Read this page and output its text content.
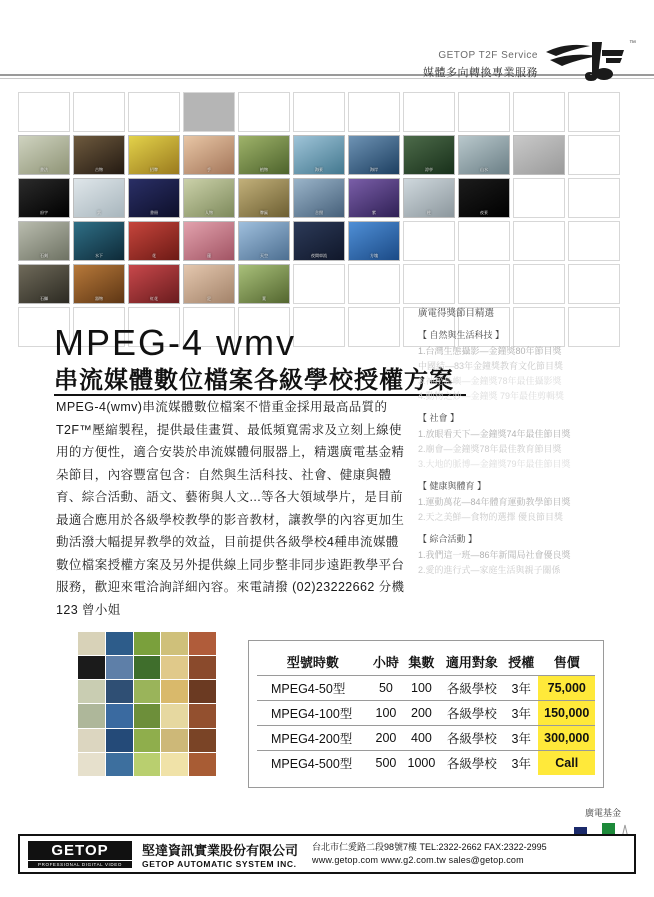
GETOP T2F Service
媒體多向轉換專業服務
™
書法	古物	招牌	手	植物	海景	海岸	涼亭	山水
府字	雲	書冊	人物	牌匾	合照	紫	柱	夜景
石刻	水下	花	蓮	天空	夜間車流	方塊
石獅	器物	紅花	足	葉
MPEG-4 wmv
串流媒體數位檔案各級學校授權方案

MPEG-4(wmv)串流媒體數位檔案不惜重金採用最高品質的T2F™壓縮製程，提供最佳畫質、最低頻寬需求及立刻上線使用的方便性，適合安裝於串流媒體伺服器上，精選廣電基金精朵節目，內容豐富包含：自然與生活科技、社會、健康與體育、綜合活動、語文、藝術與人文...等各大領域學片，是目前最適合應用於各級學校教學的影音教材，讓教學的內容更加生動活潑大幅提昇教學的效益，目前提供各級學校4種串流媒體數位檔案授權方案及另外提供線上同步整非同步遠距教學平台服務，歡迎來電洽詢詳細內容。來電請撥 (02)23222662 分機 123 曾小姐

廣電得獎節目精選
【 自然與生活科技 】
1.台灣生態攝影—金鐘獎80年節目獎
中國結—83年金鐘獎教育文化節目獎
3.神秘島嶼—金鐘獎78年最佳攝影獎
4.動物之妙—金鐘獎 79年最佳剪輯獎
【 社會 】
1.放眼看天下—金鐘獎74年最佳節目獎
2.廟會—金鐘獎78年最佳教育節目獎
3.大地的脈博—金鐘獎79年最佳節目獎
【 健康與體育 】
1.運動萬花—84年體育運動教學節目獎
2.天之美鮮—食物的選擇 優良節目獎
【 綜合活動 】
1.我們這一班—86年新聞局社會優良獎
2.愛的進行式—家庭生活與親子關係
型號時數	小時	集數	適用對象	授權	售價
MPEG4-50型	50	100	各級學校	3年	75,000
MPEG4-100型	100	200	各級學校	3年	150,000
MPEG4-200型	200	400	各級學校	3年	300,000
MPEG4-500型	500	1000	各級學校	3年	Call
廣電基金
GETOP
PROFESSIONAL DIGITAL VIDEO
堅達資訊實業股份有限公司
GETOP AUTOMATIC SYSTEM INC.
台北市仁愛路二段98號7樓 TEL:2322-2662 FAX:2322-2995
www.getop.com www.g2.com.tw sales@getop.com
